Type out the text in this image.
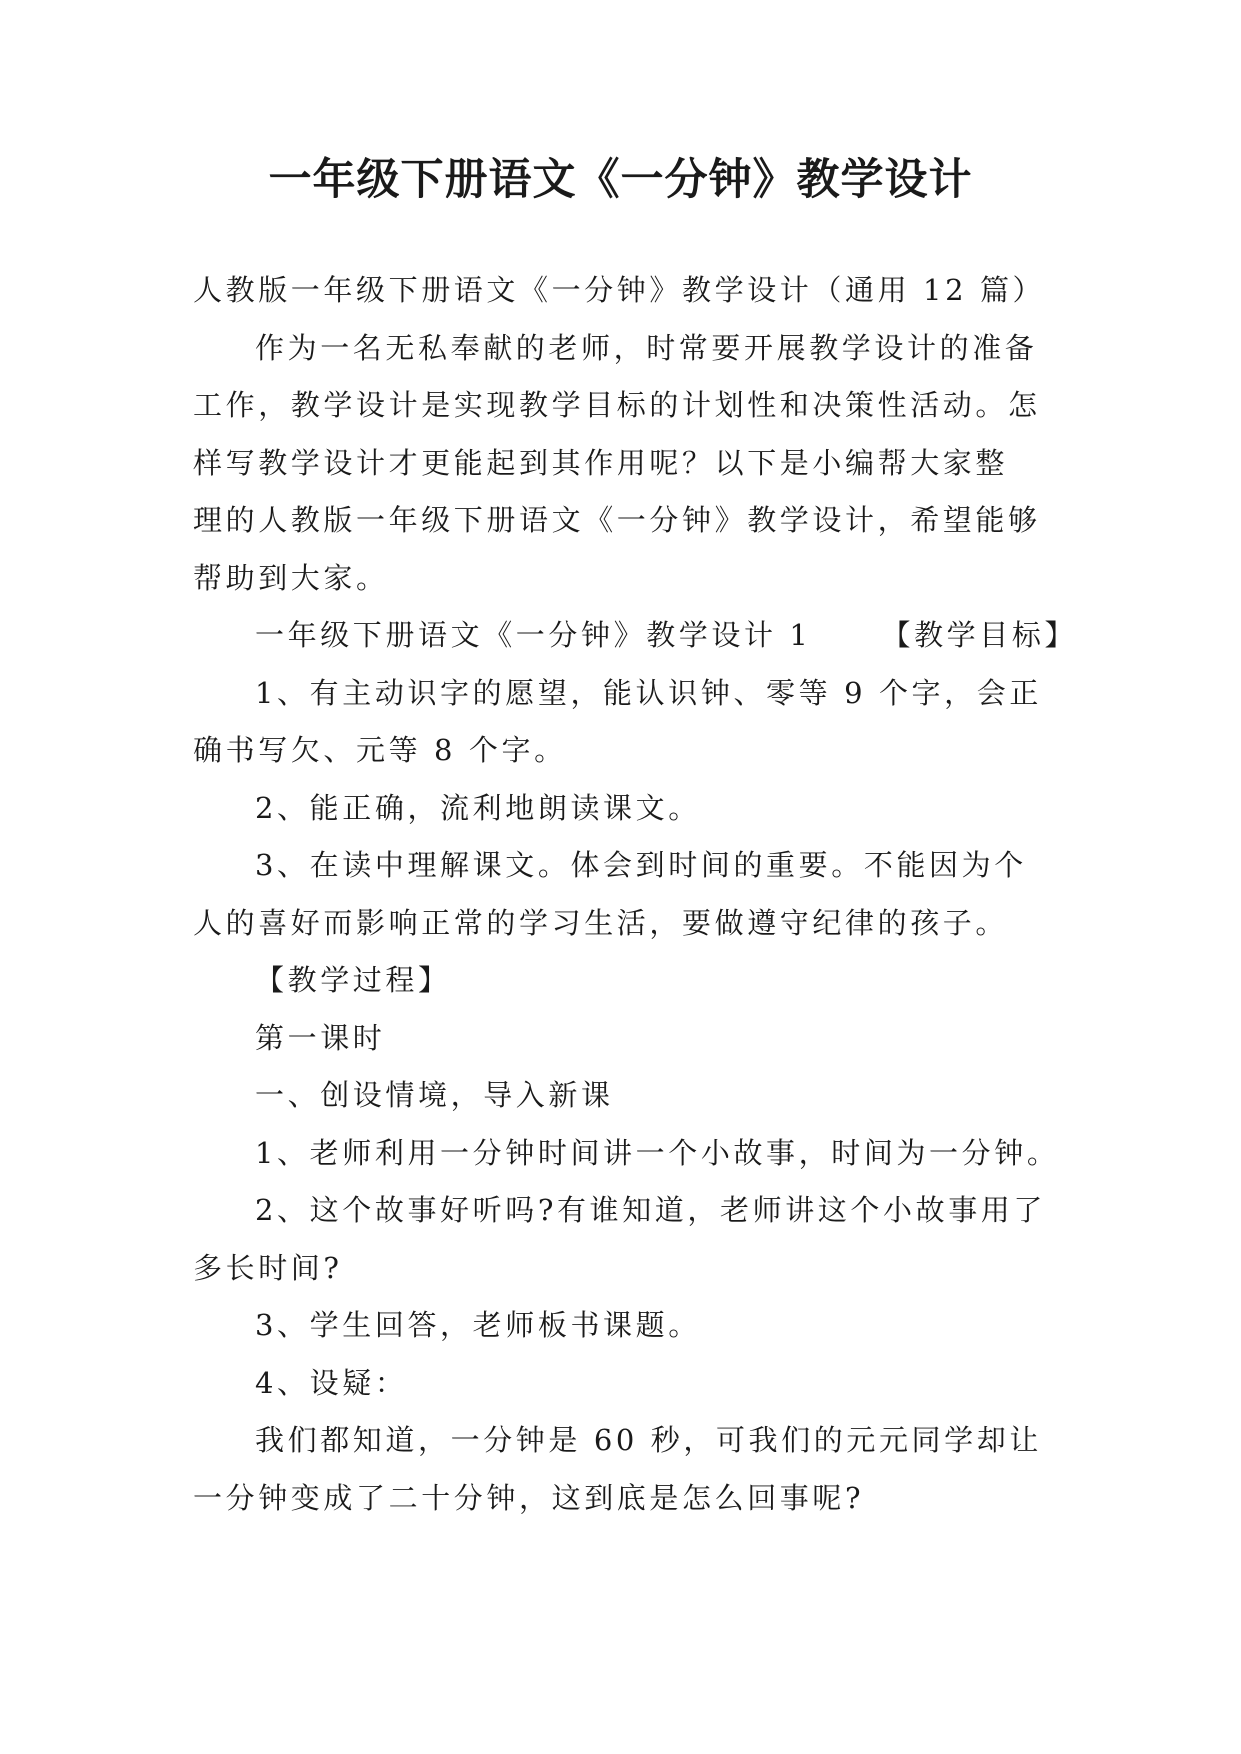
一年级下册语文《一分钟》教学设计

人教版一年级下册语文《一分钟》教学设计（通用 12 篇）

作为一名无私奉献的老师，时常要开展教学设计的准备

工作，教学设计是实现教学目标的计划性和决策性活动。怎

样写教学设计才更能起到其作用呢？以下是小编帮大家整

理的人教版一年级下册语文《一分钟》教学设计，希望能够

帮助到大家。

一年级下册语文《一分钟》教学设计 1 【教学目标】

1、有主动识字的愿望，能认识钟、零等 9 个字，会正

确书写欠、元等 8 个字。

2、能正确，流利地朗读课文。

3、在读中理解课文。体会到时间的重要。不能因为个

人的喜好而影响正常的学习生活，要做遵守纪律的孩子。

【教学过程】

第一课时

一、创设情境，导入新课

1、老师利用一分钟时间讲一个小故事，时间为一分钟。

2、这个故事好听吗?有谁知道，老师讲这个小故事用了

多长时间?

3、学生回答，老师板书课题。

4、设疑：

我们都知道，一分钟是 60 秒，可我们的元元同学却让

一分钟变成了二十分钟，这到底是怎么回事呢?
